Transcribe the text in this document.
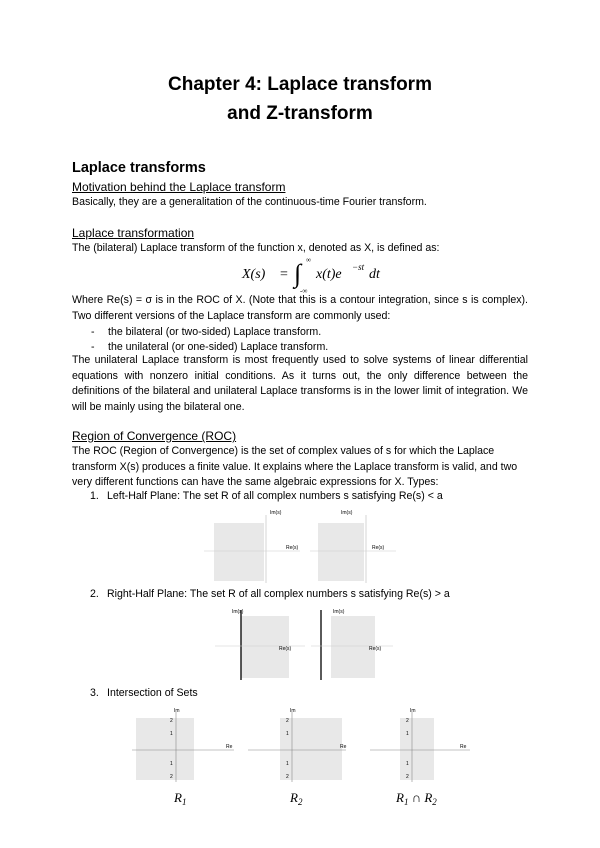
Chapter 4: Laplace transform
and Z-transform
Laplace transforms
Motivation behind the Laplace transform
Basically, they are a generalitation of the continuous-time Fourier transform.
Laplace transformation
The (bilateral) Laplace transform of the function x, denoted as X, is defined as:
X(s) = ∫ ∞
-∞
x(t)e −st dt
Where Re(s) = σ is in the ROC of X. (Note that this is a contour integration, since s is complex). Two different versions of the Laplace transform are commonly used:
- the bilateral (or two-sided) Laplace transform.
- the unilateral (or one-sided) Laplace transform.
The unilateral Laplace transform is most frequently used to solve systems of linear differential equations with nonzero initial conditions. As it turns out, the only difference between the definitions of the bilateral and unilateral Laplace transforms is in the lower limit of integration. We will be mainly using the bilateral one.
Region of Convergence (ROC)
The ROC (Region of Convergence) is the set of complex values of s for which the Laplace transform X(s) produces a finite value. It explains where the Laplace transform is valid, and two very different functions can have the same algebraic expressions for X. Types:
1. Left-Half Plane: The set R of all complex numbers s satisfying Re(s) < a
Im(s)	Im(s)
Re(s)	Re(s)
2. Right-Half Plane: The set R of all complex numbers s satisfying Re(s) > a
Im(s)	Im(s)
Re(s)	Re(s)
3. Intersection of Sets
Im
Re
2
1
1
2
Im
Re
2
1
1
2
Im
Re
2
1
1
2
$R_1$	$R_2$	$R_1$ ∩ $R_2$
